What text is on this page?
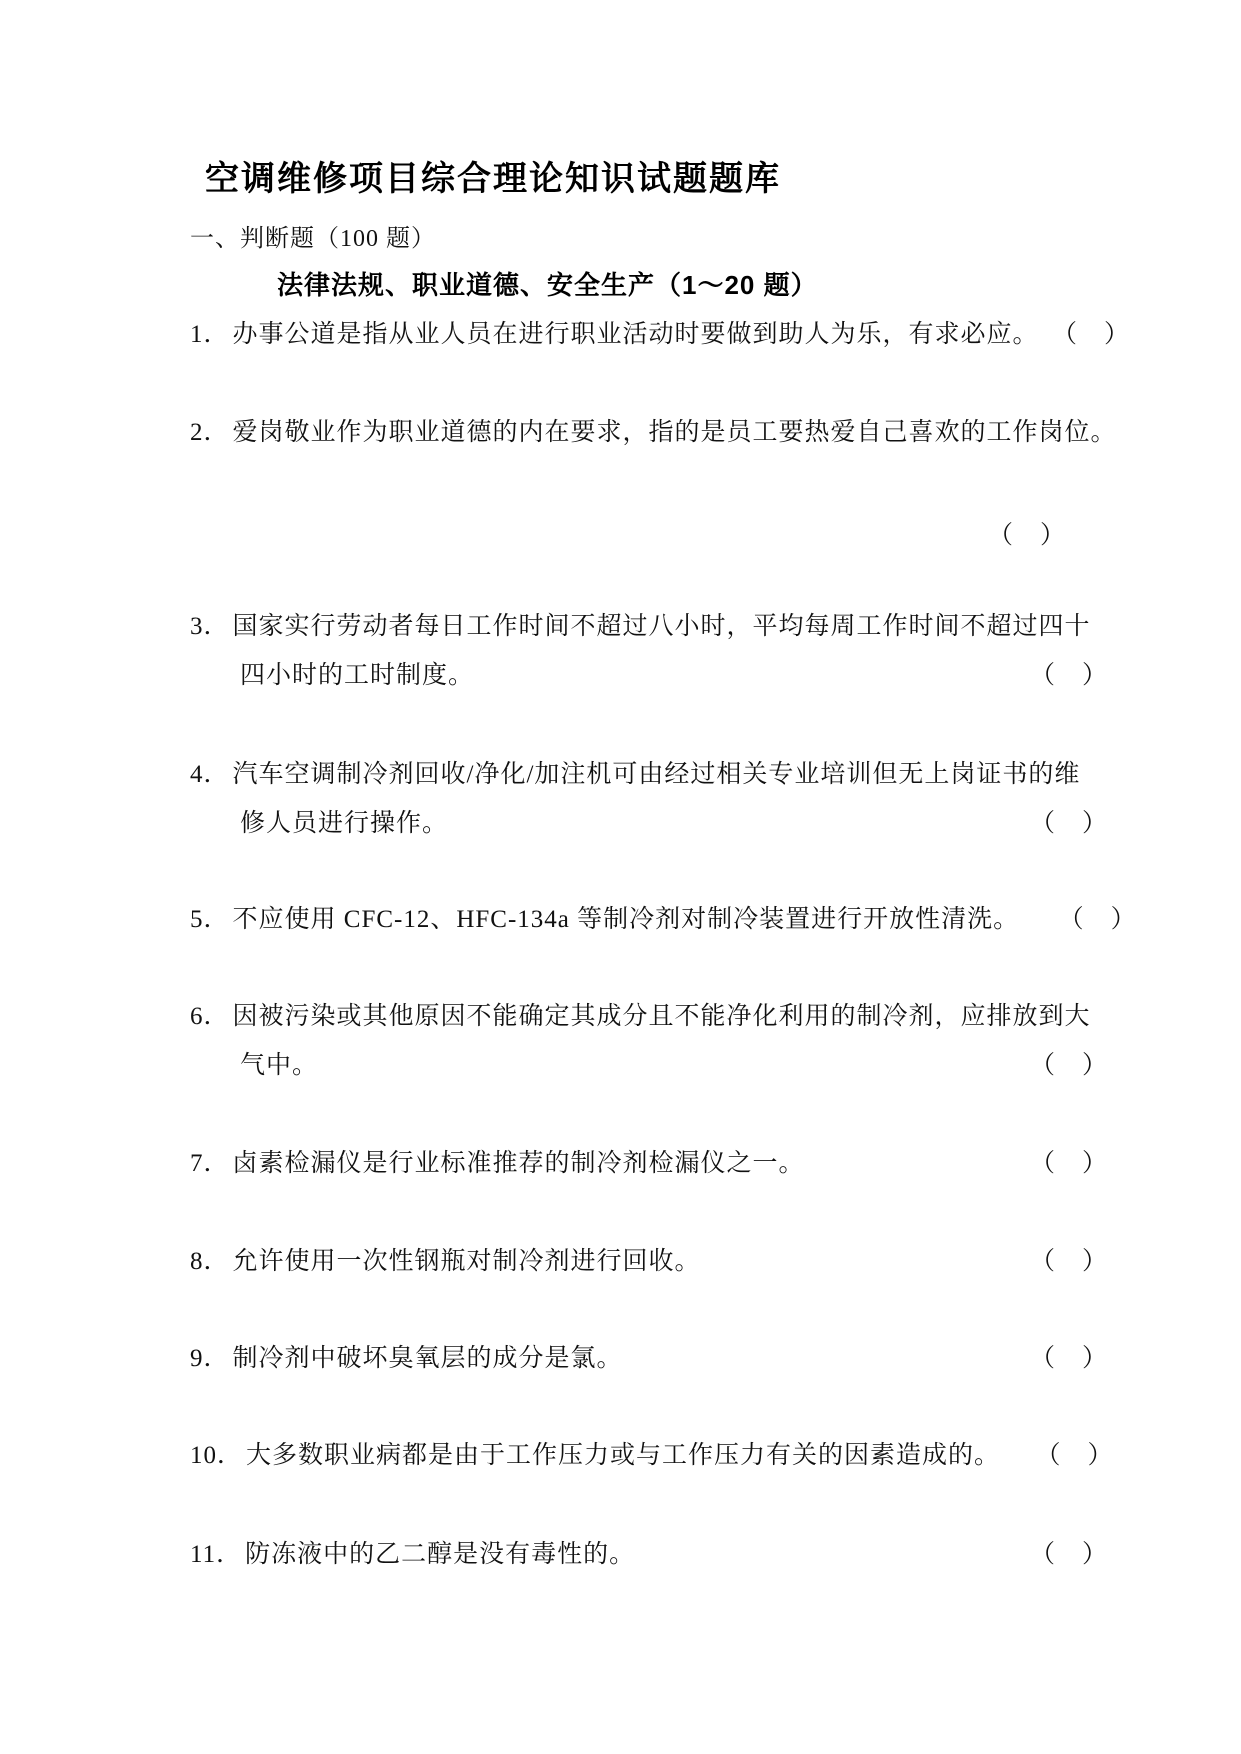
空调维修项目综合理论知识试题题库
一、判断题（100 题）
法律法规、职业道德、安全生产（1～20 题）
1． 办事公道是指从业人员在进行职业活动时要做到助人为乐，有求必应。 （　）
2． 爱岗敬业作为职业道德的内在要求，指的是员工要热爱自己喜欢的工作岗位。
（　）
3． 国家实行劳动者每日工作时间不超过八小时，平均每周工作时间不超过四十
四小时的工时制度。	（　）
4． 汽车空调制冷剂回收/净化/加注机可由经过相关专业培训但无上岗证书的维
修人员进行操作。	（　）
5． 不应使用 CFC-12、HFC-134a 等制冷剂对制冷装置进行开放性清洗。 （　）
6． 因被污染或其他原因不能确定其成分且不能净化利用的制冷剂，应排放到大
气中。	（　）
7． 卤素检漏仪是行业标准推荐的制冷剂检漏仪之一。	（　）
8． 允许使用一次性钢瓶对制冷剂进行回收。	（　）
9． 制冷剂中破坏臭氧层的成分是氯。	（　）
10． 大多数职业病都是由于工作压力或与工作压力有关的因素造成的。 （　）
11． 防冻液中的乙二醇是没有毒性的。	（　）
